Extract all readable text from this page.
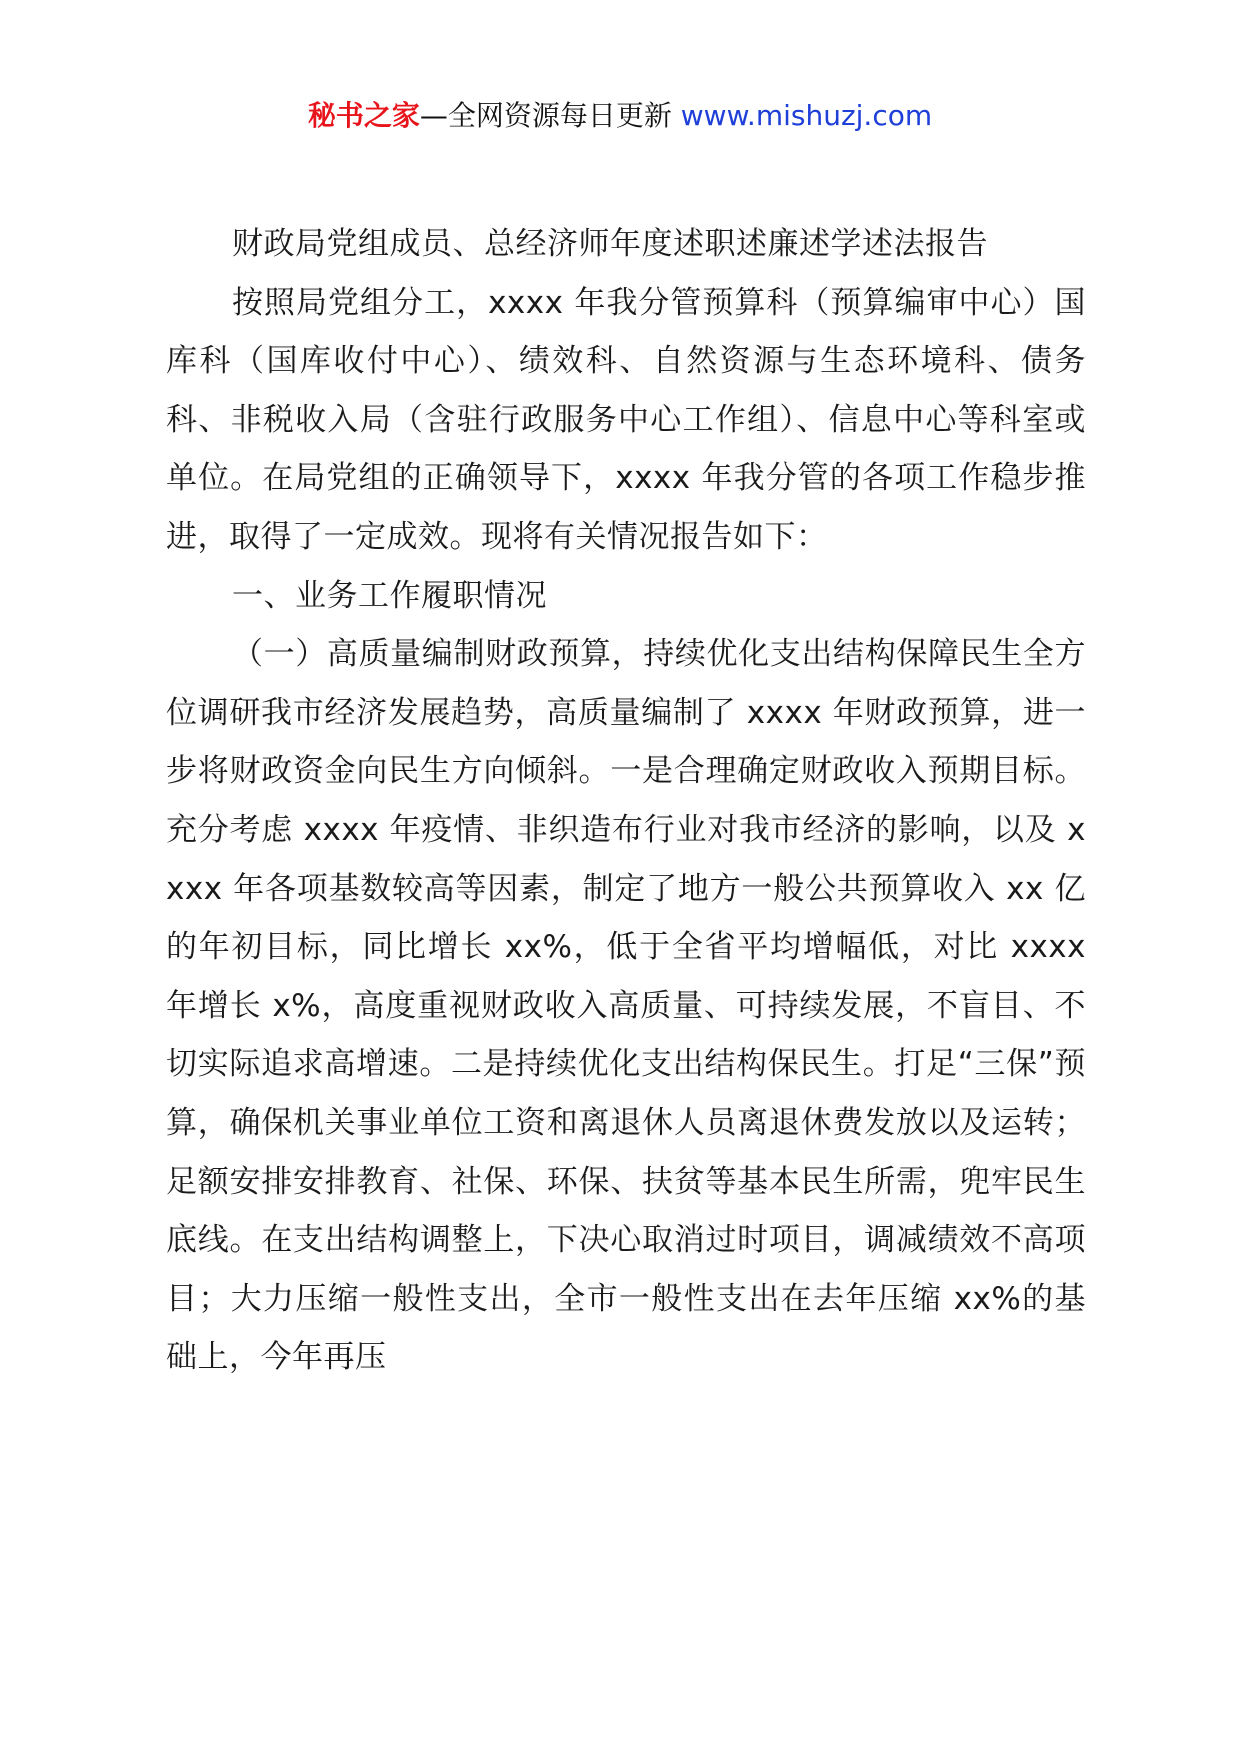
秘书之家—全网资源每日更新 www.mishuzj.com

财政局党组成员、总经济师年度述职述廉述学述法报告

按照局党组分工，xxxx 年我分管预算科（预算编审中心）国库科（国库收付中心）、绩效科、自然资源与生态环境科、债务科、非税收入局（含驻行政服务中心工作组）、信息中心等科室或单位。在局党组的正确领导下，xxxx 年我分管的各项工作稳步推进，取得了一定成效。现将有关情况报告如下：

一、业务工作履职情况

（一）高质量编制财政预算，持续优化支出结构保障民生全方位调研我市经济发展趋势，高质量编制了 xxxx 年财政预算，进一步将财政资金向民生方向倾斜。一是合理确定财政收入预期目标。充分考虑 xxxx 年疫情、非织造布行业对我市经济的影响，以及 xxxx 年各项基数较高等因素，制定了地方一般公共预算收入 xx 亿的年初目标，同比增长 xx%，低于全省平均增幅低，对比 xxxx 年增长 x%，高度重视财政收入高质量、可持续发展，不盲目、不切实际追求高增速。二是持续优化支出结构保民生。打足“三保”预算，确保机关事业单位工资和离退休人员离退休费发放以及运转；足额安排安排教育、社保、环保、扶贫等基本民生所需，兜牢民生底线。在支出结构调整上，下决心取消过时项目，调减绩效不高项目；大力压缩一般性支出，全市一般性支出在去年压缩 xx%的基础上，今年再压
